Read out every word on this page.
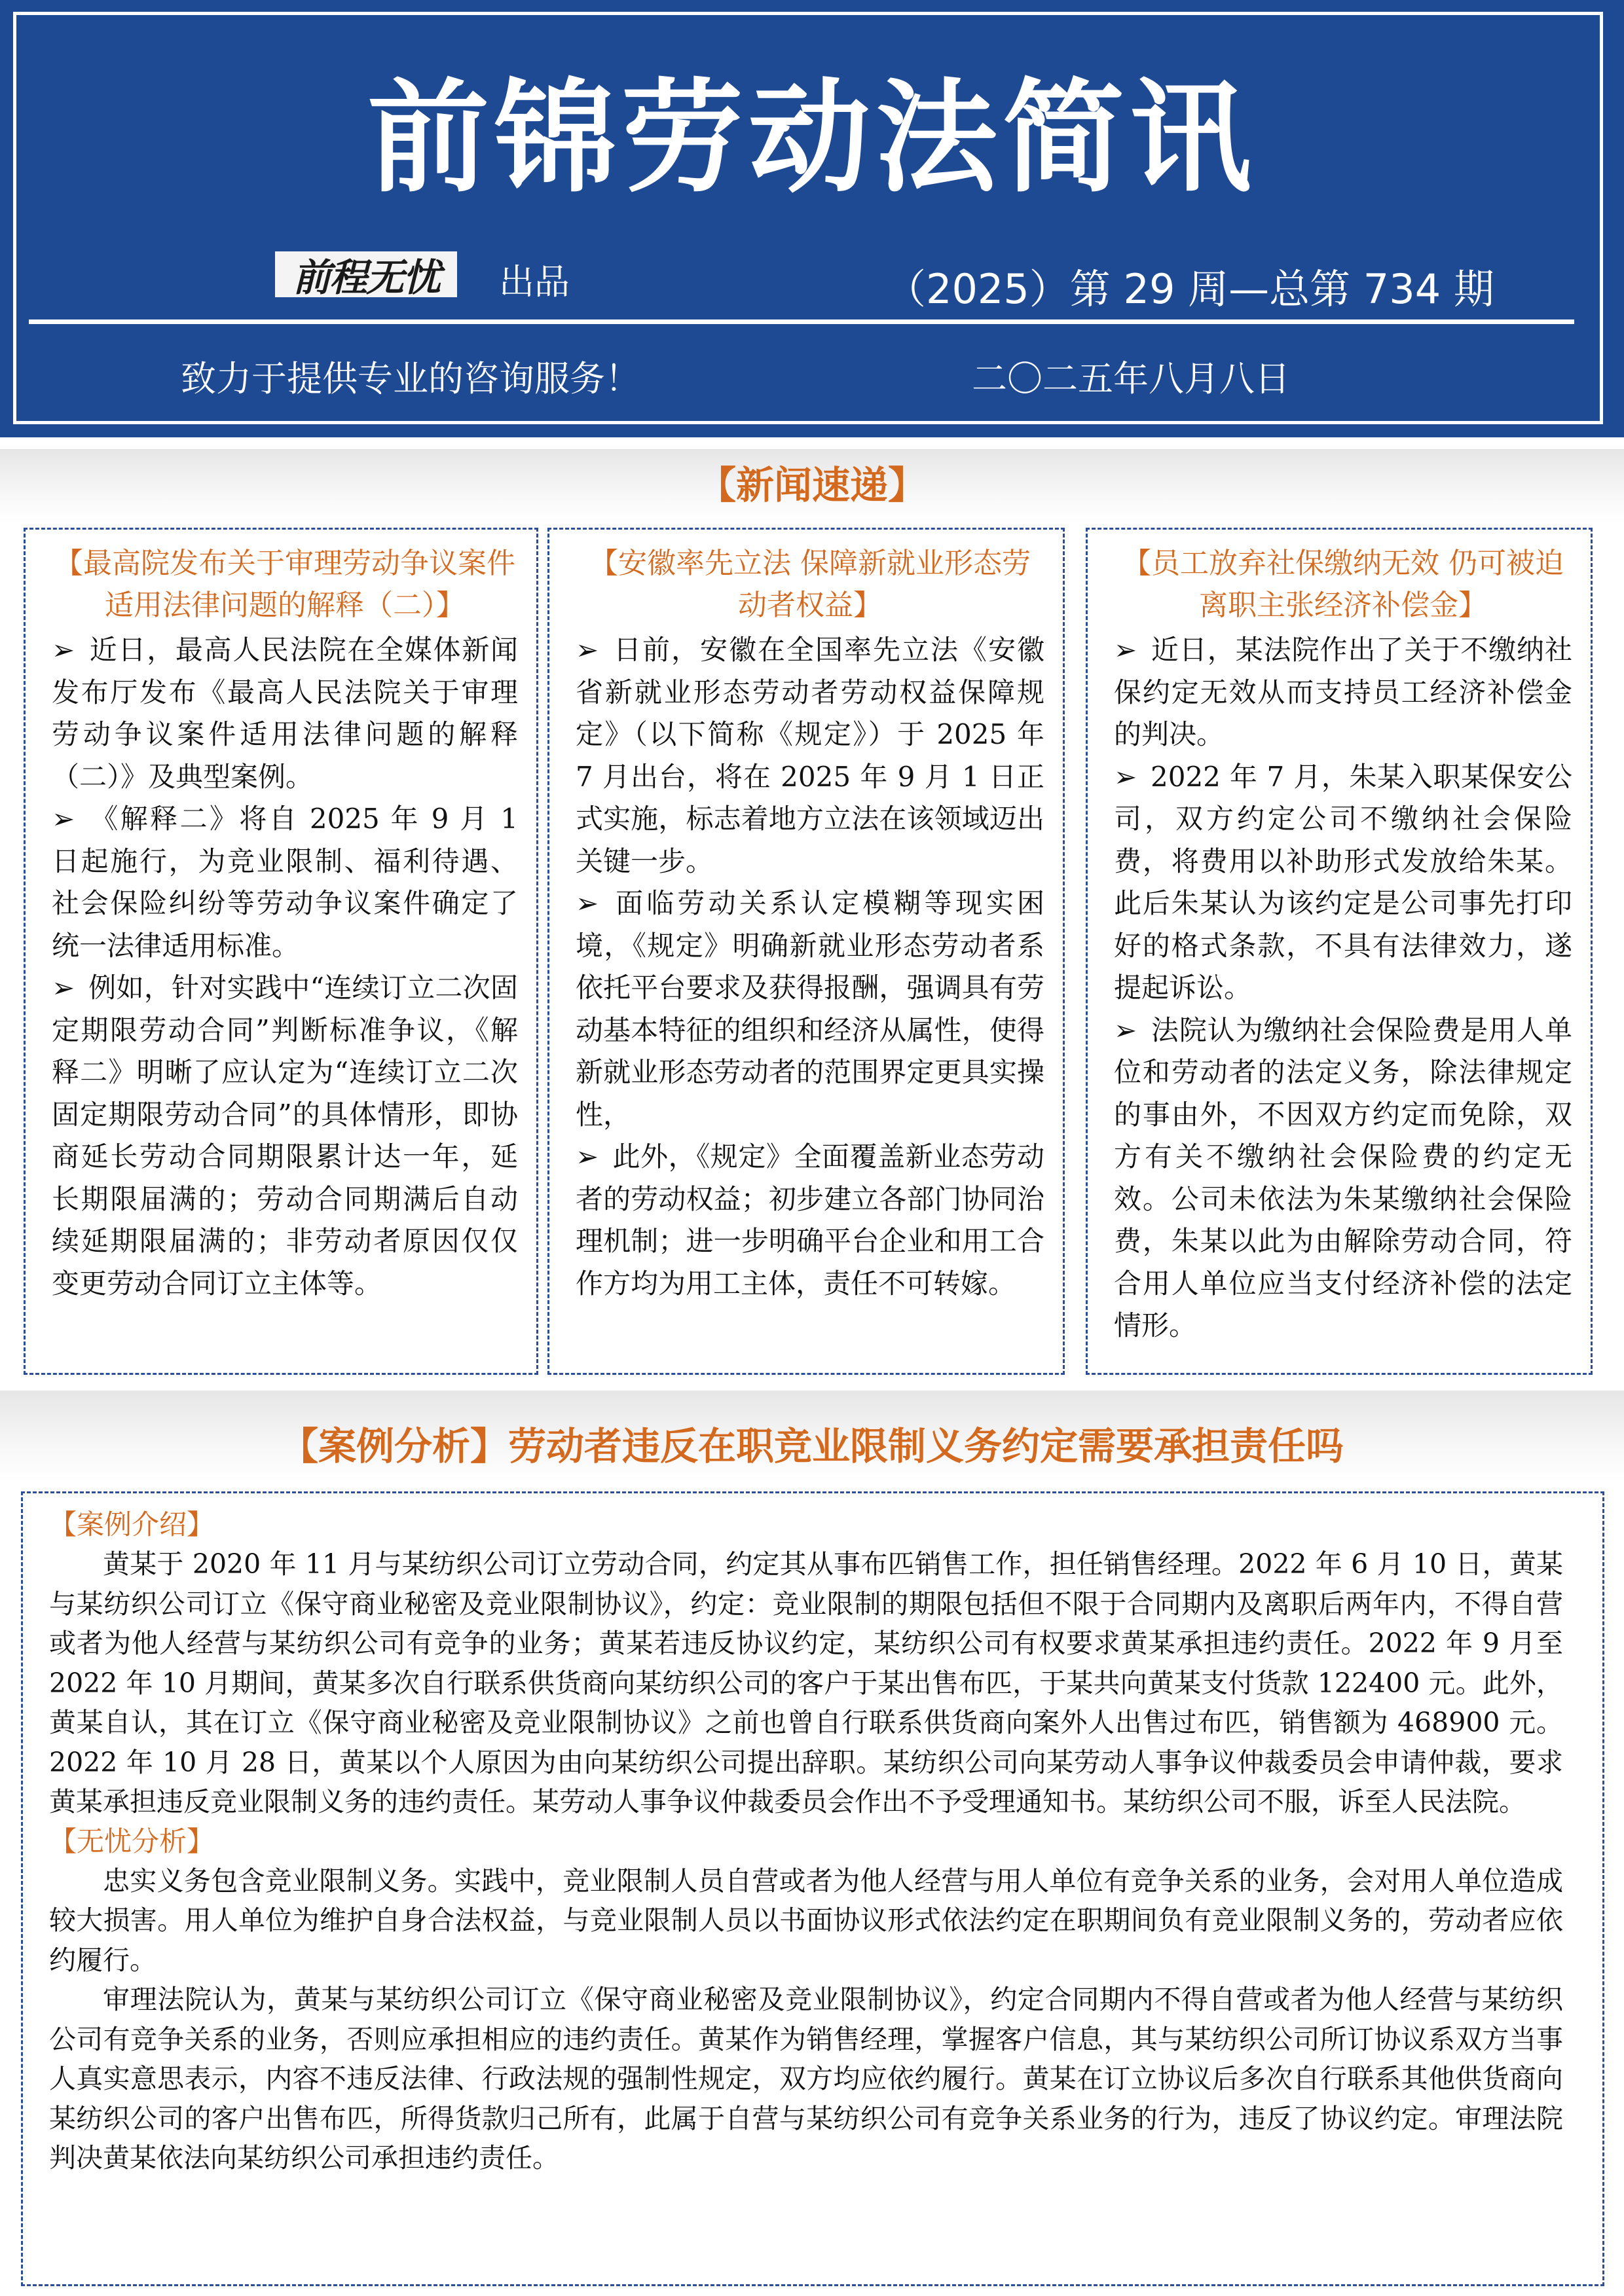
前锦劳动法简讯
前程无忧	出品	（2025）第 29 周—总第 734 期
致力于提供专业的咨询服务！	二〇二五年八月八日
【新闻速递】
【最高院发布关于审理劳动争议案件适用法律问题的解释（二）】

➢ 近日，最高人民法院在全媒体新闻发布厅发布《最高人民法院关于审理劳动争议案件适用法律问题的解释（二）》及典型案例。

➢ 《解释二》将自 2025 年 9 月 1 日起施行，为竞业限制、福利待遇、社会保险纠纷等劳动争议案件确定了统一法律适用标准。

➢ 例如，针对实践中“连续订立二次固定期限劳动合同”判断标准争议，《解释二》明晰了应认定为“连续订立二次固定期限劳动合同”的具体情形，即协商延长劳动合同期限累计达一年，延长期限届满的；劳动合同期满后自动续延期限届满的；非劳动者原因仅仅变更劳动合同订立主体等。

【安徽率先立法 保障新就业形态劳动者权益】

➢ 日前，安徽在全国率先立法《安徽省新就业形态劳动者劳动权益保障规定》（以下简称《规定》）于 2025 年 7 月出台，将在 2025 年 9 月 1 日正式实施，标志着地方立法在该领域迈出关键一步。

➢ 面临劳动关系认定模糊等现实困境，《规定》明确新就业形态劳动者系依托平台要求及获得报酬，强调具有劳动基本特征的组织和经济从属性，使得新就业形态劳动者的范围界定更具实操性，

➢ 此外，《规定》全面覆盖新业态劳动者的劳动权益；初步建立各部门协同治理机制；进一步明确平台企业和用工合作方均为用工主体，责任不可转嫁。

【员工放弃社保缴纳无效 仍可被迫离职主张经济补偿金】

➢ 近日，某法院作出了关于不缴纳社保约定无效从而支持员工经济补偿金的判决。

➢ 2022 年 7 月，朱某入职某保安公司，双方约定公司不缴纳社会保险费，将费用以补助形式发放给朱某。此后朱某认为该约定是公司事先打印好的格式条款，不具有法律效力，遂提起诉讼。

➢ 法院认为缴纳社会保险费是用人单位和劳动者的法定义务，除法律规定的事由外，不因双方约定而免除，双方有关不缴纳社会保险费的约定无效。公司未依法为朱某缴纳社会保险费，朱某以此为由解除劳动合同，符合用人单位应当支付经济补偿的法定情形。

【案例分析】劳动者违反在职竞业限制义务约定需要承担责任吗

【案例介绍】

黄某于 2020 年 11 月与某纺织公司订立劳动合同，约定其从事布匹销售工作，担任销售经理。2022 年 6 月 10 日，黄某与某纺织公司订立《保守商业秘密及竞业限制协议》，约定：竞业限制的期限包括但不限于合同期内及离职后两年内，不得自营或者为他人经营与某纺织公司有竞争的业务；黄某若违反协议约定，某纺织公司有权要求黄某承担违约责任。2022 年 9 月至 2022 年 10 月期间，黄某多次自行联系供货商向某纺织公司的客户于某出售布匹，于某共向黄某支付货款 122400 元。此外，黄某自认，其在订立《保守商业秘密及竞业限制协议》之前也曾自行联系供货商向案外人出售过布匹，销售额为 468900 元。2022 年 10 月 28 日，黄某以个人原因为由向某纺织公司提出辞职。某纺织公司向某劳动人事争议仲裁委员会申请仲裁，要求黄某承担违反竞业限制义务的违约责任。某劳动人事争议仲裁委员会作出不予受理通知书。某纺织公司不服，诉至人民法院。

【无忧分析】

忠实义务包含竞业限制义务。实践中，竞业限制人员自营或者为他人经营与用人单位有竞争关系的业务，会对用人单位造成较大损害。用人单位为维护自身合法权益，与竞业限制人员以书面协议形式依法约定在职期间负有竞业限制义务的，劳动者应依约履行。

审理法院认为，黄某与某纺织公司订立《保守商业秘密及竞业限制协议》，约定合同期内不得自营或者为他人经营与某纺织公司有竞争关系的业务，否则应承担相应的违约责任。黄某作为销售经理，掌握客户信息，其与某纺织公司所订协议系双方当事人真实意思表示，内容不违反法律、行政法规的强制性规定，双方均应依约履行。黄某在订立协议后多次自行联系其他供货商向某纺织公司的客户出售布匹，所得货款归己所有，此属于自营与某纺织公司有竞争关系业务的行为，违反了协议约定。审理法院判决黄某依法向某纺织公司承担违约责任。
